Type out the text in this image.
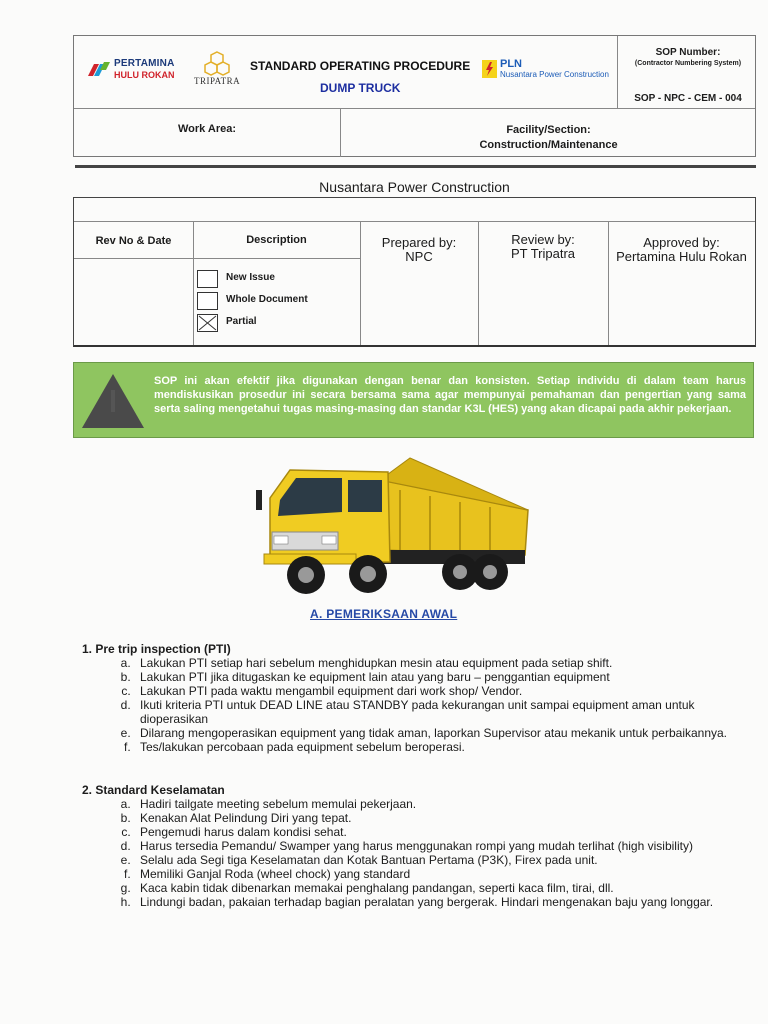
PERTAMINA
HULU ROKAN
TRIPATRA
STANDARD OPERATING PROCEDURE
DUMP TRUCK
PLN
Nusantara Power Construction
SOP Number:
(Contractor Numbering System)
SOP - NPC - CEM - 004
Work Area:	Facility/Section:
Construction/Maintenance
Nusantara Power Construction
Rev No & Date	Description
New Issue
Whole Document
Partial
Prepared by:
NPC
Review by:
PT Tripatra
Approved by:
Pertamina Hulu Rokan
SOP ini akan efektif jika digunakan dengan benar dan konsisten. Setiap individu di dalam team harus mendiskusikan prosedur ini secara bersama sama agar mempunyai pemahaman dan pengertian yang sama serta saling mengetahui tugas masing-masing dan standar K3L (HES) yang akan dicapai pada akhir pekerjaan.
A. PEMERIKSAAN AWAL
1. Pre trip inspection (PTI)
a. Lakukan PTI setiap hari sebelum menghidupkan mesin atau equipment pada setiap shift.
b. Lakukan PTI jika ditugaskan ke equipment lain atau yang baru – penggantian equipment
c. Lakukan PTI pada waktu mengambil equipment dari work shop/ Vendor.
d. Ikuti kriteria PTI untuk DEAD LINE atau STANDBY pada kekurangan unit sampai equipment aman untuk dioperasikan
e. Dilarang mengoperasikan equipment yang tidak aman, laporkan Supervisor atau mekanik untuk perbaikannya.
f. Tes/lakukan percobaan pada equipment sebelum beroperasi.
2. Standard Keselamatan
a. Hadiri tailgate meeting sebelum memulai pekerjaan.
b. Kenakan Alat Pelindung Diri yang tepat.
c. Pengemudi harus dalam kondisi sehat.
d. Harus tersedia Pemandu/ Swamper yang harus menggunakan rompi yang mudah terlihat (high visibility)
e. Selalu ada Segi tiga Keselamatan dan Kotak Bantuan Pertama (P3K), Firex pada unit.
f. Memiliki Ganjal Roda (wheel chock) yang standard
g. Kaca kabin tidak dibenarkan memakai penghalang pandangan, seperti kaca film, tirai, dll.
h. Lindungi badan, pakaian terhadap bagian peralatan yang bergerak. Hindari mengenakan baju yang longgar.
